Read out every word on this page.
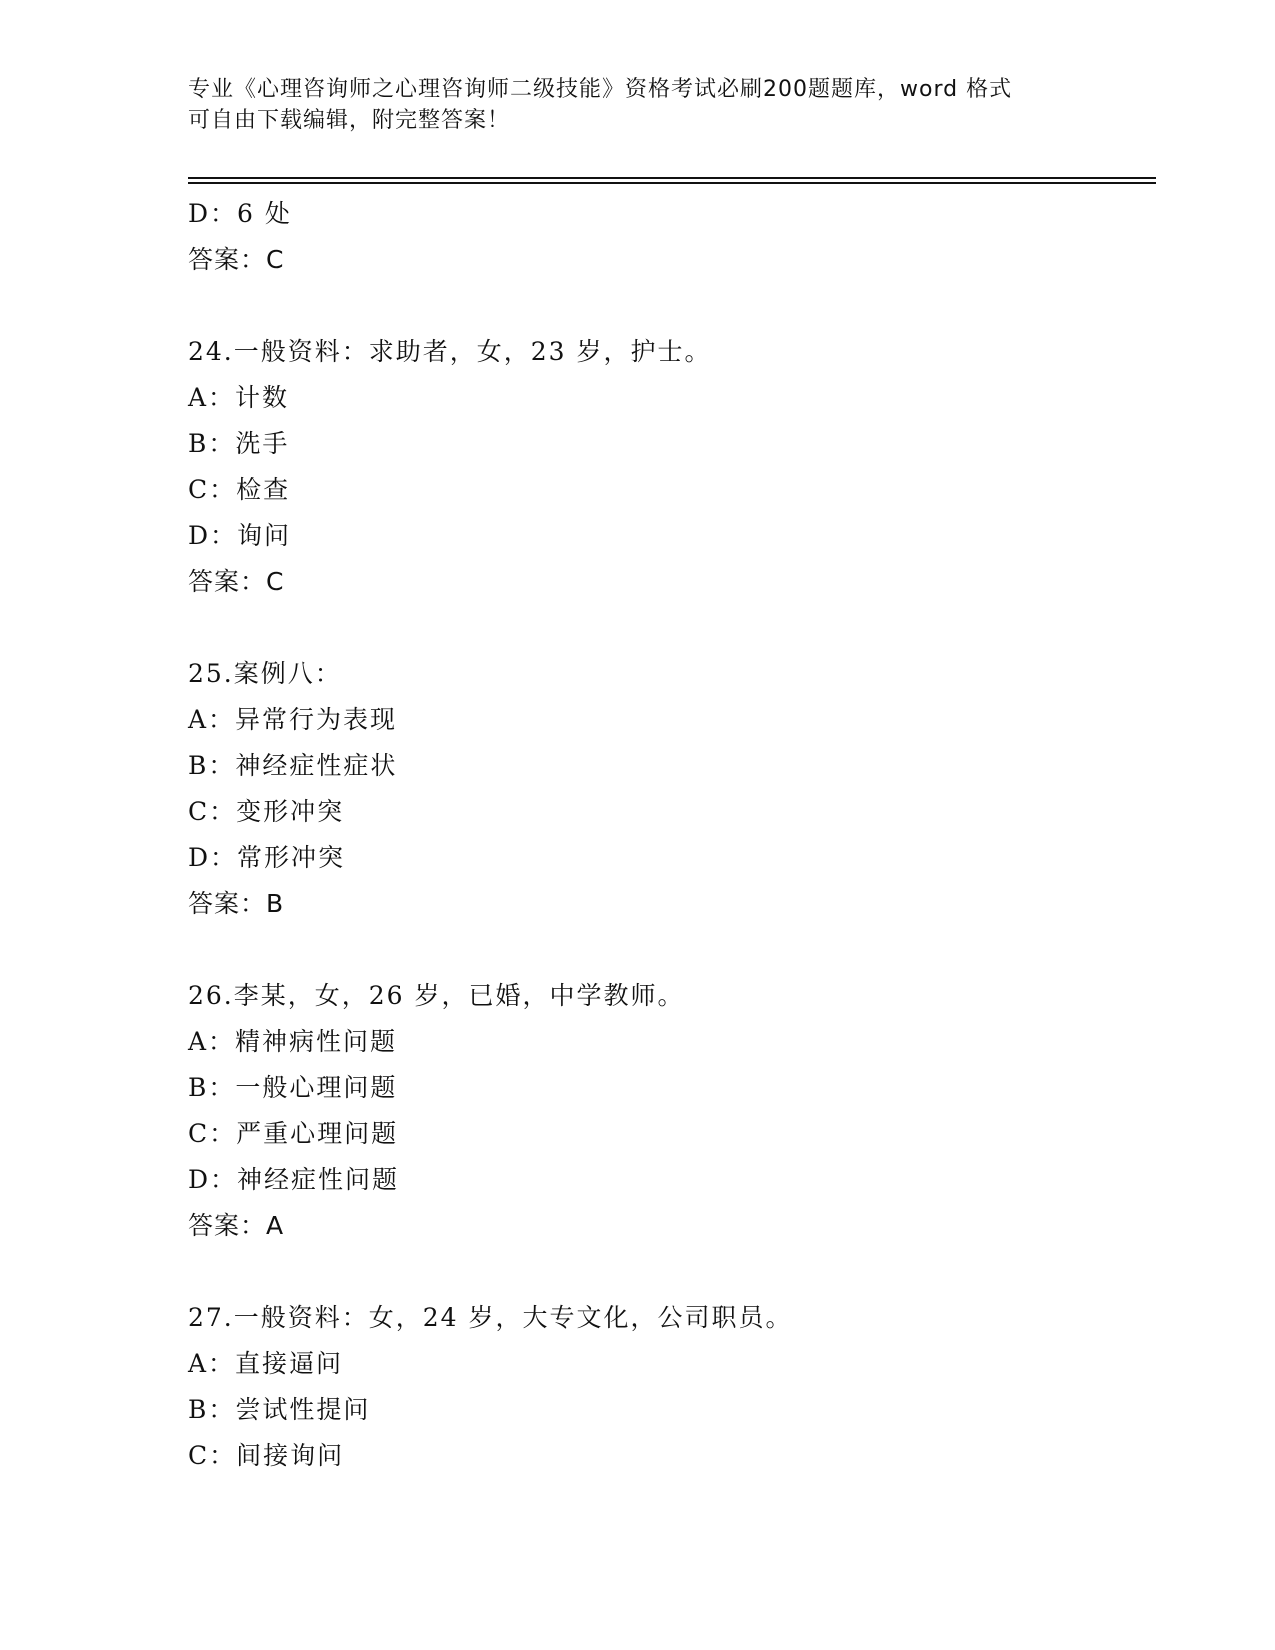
专业《心理咨询师之心理咨询师二级技能》资格考试必刷200题题库，word 格式
可自由下载编辑，附完整答案！
D：6 处
答案：C
24.一般资料：求助者，女，23 岁，护士。
A：计数
B：洗手
C：检查
D：询问
答案：C
25.案例八：
A：异常行为表现
B：神经症性症状
C：变形冲突
D：常形冲突
答案：B
26.李某，女，26 岁，已婚，中学教师。
A：精神病性问题
B：一般心理问题
C：严重心理问题
D：神经症性问题
答案：A
27.一般资料：女，24 岁，大专文化，公司职员。
A：直接逼问
B：尝试性提问
C：间接询问
